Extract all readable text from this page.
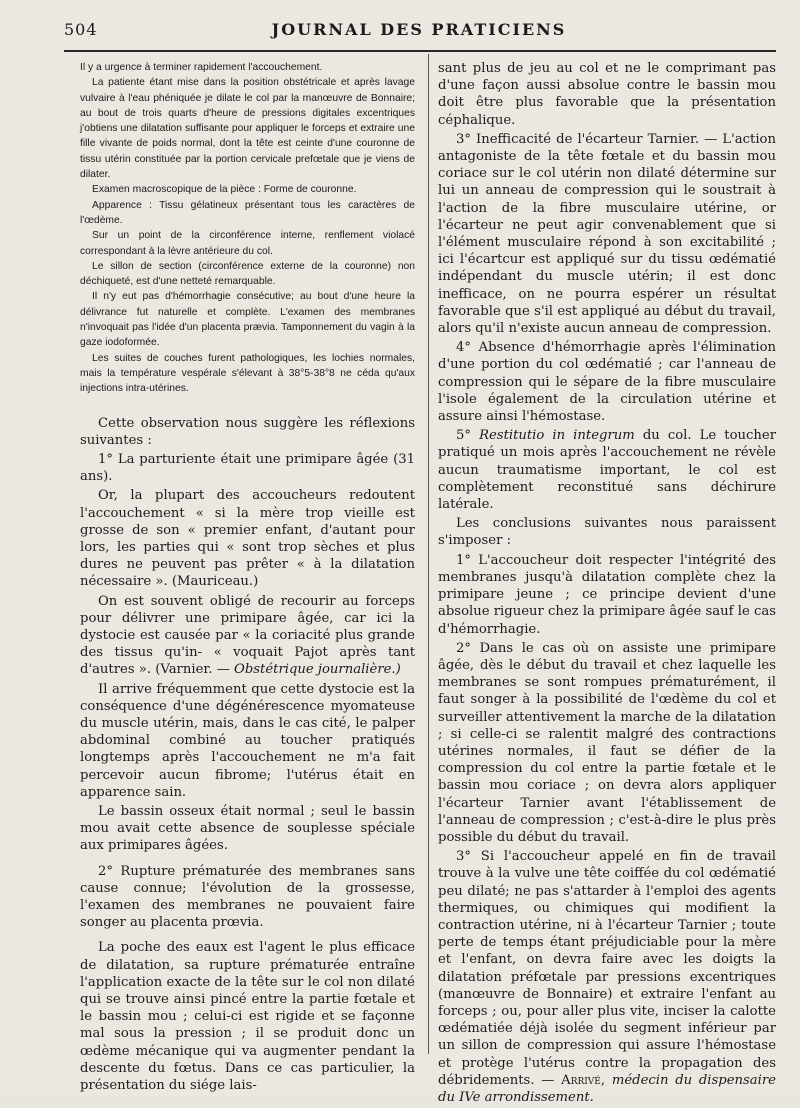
504	JOURNAL DES PRATICIENS

Il y a urgence à terminer rapidement l'accouchement.

La patiente étant mise dans la position obstétricale et après lavage vulvaire à l'eau phéniquée je dilate le col par la manœuvre de Bonnaire; au bout de trois quarts d'heure de pressions digitales excentriques j'obtiens une dilatation suffisante pour appliquer le forceps et extraire une fille vivante de poids normal, dont la tête est ceinte d'une couronne de tissu utérin constituée par la portion cervicale prefœtale que je viens de dilater.

Examen macroscopique de la pièce : Forme de couronne.

Apparence : Tissu gélatineux présentant tous les caractères de l'œdème.

Sur un point de la circonférence interne, renflement violacé correspondant à la lèvre antérieure du col.

Le sillon de section (circonférence externe de la couronne) non déchiqueté, est d'une netteté remarquable.

Il n'y eut pas d'hémorrhagie consécutive; au bout d'une heure la délivrance fut naturelle et complète. L'examen des membranes n'invoquait pas l'idée d'un placenta prævia. Tamponnement du vagin à la gaze iodoformée.

Les suites de couches furent pathologiques, les lochies normales, mais la température vespérale s'élevant à 38°5-38°8 ne céda qu'aux injections intra-utérines.

Cette observation nous suggère les réflexions suivantes :

1° La parturiente était une primipare âgée (31 ans).

Or, la plupart des accoucheurs redoutent l'accouchement « si la mère trop vieille est grosse de son « premier enfant, d'autant pour lors, les parties qui « sont trop sèches et plus dures ne peuvent pas prêter « à la dilatation nécessaire ». (Mauriceau.)

On est souvent obligé de recourir au forceps pour délivrer une primipare âgée, car ici la dystocie est causée par « la coriacité plus grande des tissus qu'in- « voquait Pajot après tant d'autres ». (Varnier. — Obstétrique journalière.)

Il arrive fréquemment que cette dystocie est la conséquence d'une dégénérescence myomateuse du muscle utérin, mais, dans le cas cité, le palper abdominal combiné au toucher pratiqués longtemps après l'accouchement ne m'a fait percevoir aucun fibrome; l'utérus était en apparence sain.

Le bassin osseux était normal ; seul le bassin mou avait cette absence de souplesse spéciale aux primipares âgées.

2° Rupture prématurée des membranes sans cause connue; l'évolution de la grossesse, l'examen des membranes ne pouvaient faire songer au placenta prœvia.

La poche des eaux est l'agent le plus efficace de dilatation, sa rupture prématurée entraîne l'application exacte de la tête sur le col non dilaté qui se trouve ainsi pincé entre la partie fœtale et le bassin mou ; celui-ci est rigide et se façonne mal sous la pression ; il se produit donc un œdème mécanique qui va augmenter pendant la descente du fœtus. Dans ce cas particulier, la présentation du siége lais-

sant plus de jeu au col et ne le comprimant pas d'une façon aussi absolue contre le bassin mou doit être plus favorable que la présentation céphalique.

3° Inefficacité de l'écarteur Tarnier. — L'action antagoniste de la tête fœtale et du bassin mou coriace sur le col utérin non dilaté détermine sur lui un anneau de compression qui le soustrait à l'action de la fibre musculaire utérine, or l'écarteur ne peut agir convenablement que si l'élément musculaire répond à son excitabilité ; ici l'écartcur est appliqué sur du tissu œdématié indépendant du muscle utérin; il est donc inefficace, on ne pourra espérer un résultat favorable que s'il est appliqué au début du travail, alors qu'il n'existe aucun anneau de compression.

4° Absence d'hémorrhagie après l'élimination d'une portion du col œdématié ; car l'anneau de compression qui le sépare de la fibre musculaire l'isole également de la circulation utérine et assure ainsi l'hémostase.

5° Restitutio in integrum du col. Le toucher pratiqué un mois après l'accouchement ne révèle aucun traumatisme important, le col est complètement reconstitué sans déchirure latérale.

Les conclusions suivantes nous paraissent s'imposer :

1° L'accoucheur doit respecter l'intégrité des membranes jusqu'à dilatation complète chez la primipare jeune ; ce principe devient d'une absolue rigueur chez la primipare âgée sauf le cas d'hémorrhagie.

2° Dans le cas où on assiste une primipare âgée, dès le début du travail et chez laquelle les membranes se sont rompues prématurément, il faut songer à la possibilité de l'œdème du col et surveiller attentivement la marche de la dilatation ; si celle-ci se ralentit malgré des contractions utérines normales, il faut se défier de la compression du col entre la partie fœtale et le bassin mou coriace ; on devra alors appliquer l'écarteur Tarnier avant l'établissement de l'anneau de compression ; c'est-à-dire le plus près possible du début du travail.

3° Si l'accoucheur appelé en fin de travail trouve à la vulve une tête coiffée du col œdématié peu dilaté; ne pas s'attarder à l'emploi des agents thermiques, ou chimiques qui modifient la contraction utérine, ni à l'écarteur Tarnier ; toute perte de temps étant préjudiciable pour la mère et l'enfant, on devra faire avec les doigts la dilatation préfœtale par pressions excentriques (manœuvre de Bonnaire) et extraire l'enfant au forceps ; ou, pour aller plus vite, inciser la calotte œdématiée déjà isolée du segment inférieur par un sillon de compression qui assure l'hémostase et protège l'utérus contre la propagation des débridements. — Arrivé, médecin du dispensaire du IVe arrondissement.
